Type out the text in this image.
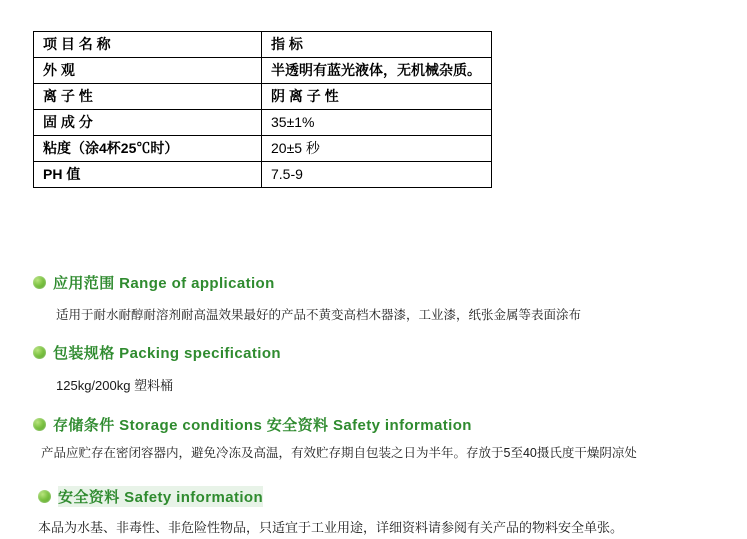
项 目 名 称	指 标
外 观	半透明有蓝光液体，无机械杂质。
离 子 性	阴 离 子 性
固 成 分	35±1%
粘度（涂4杯25℃时）	20±5 秒
PH 值	7.5-9
应用范围 Range of application
适用于耐水耐醇耐溶剂耐高温效果最好的产品不黄变高档木器漆，工业漆，纸张金属等表面涂布
包装规格 Packing specification
125kg/200kg 塑料桶
存储条件 Storage conditions 安全资料 Safety information
产品应贮存在密闭容器内，避免冷冻及高温，有效贮存期自包装之日为半年。存放于5至40摄氏度干燥阴凉处
安全资料 Safety information
本品为水基、非毒性、非危险性物品，只适宜于工业用途，详细资料请参阅有关产品的物料安全单张。
